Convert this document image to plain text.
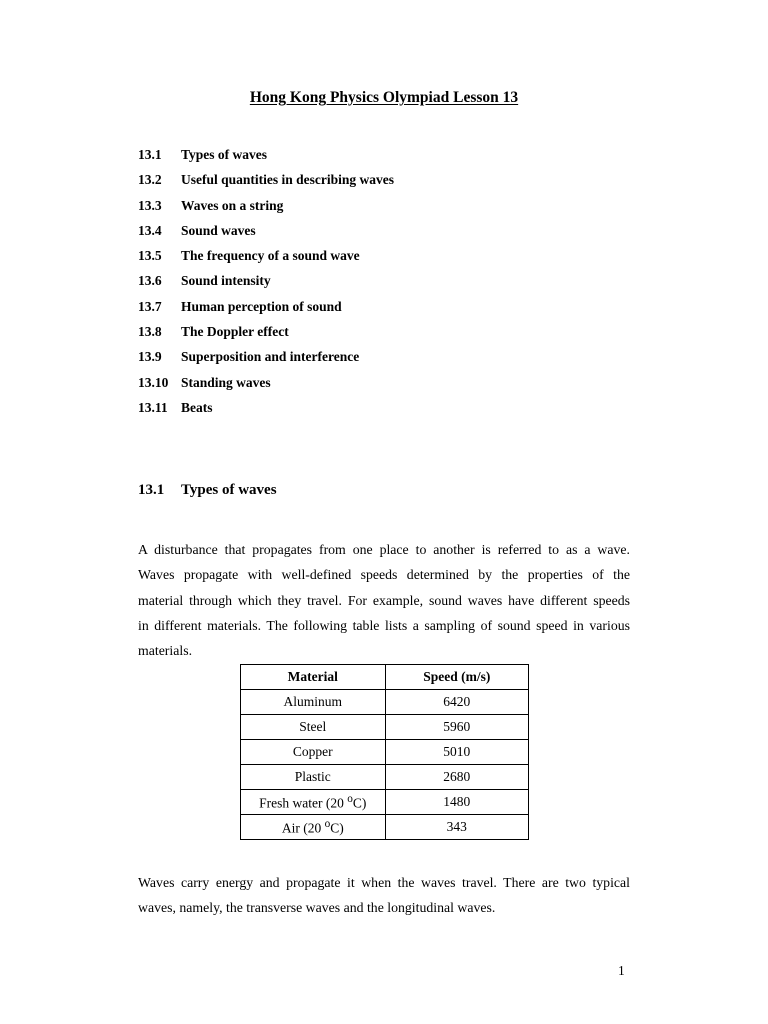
Hong Kong Physics Olympiad Lesson 13
13.1 Types of waves
13.2 Useful quantities in describing waves
13.3 Waves on a string
13.4 Sound waves
13.5 The frequency of a sound wave
13.6 Sound intensity
13.7 Human perception of sound
13.8 The Doppler effect
13.9 Superposition and interference
13.10 Standing waves
13.11 Beats
13.1 Types of waves
A disturbance that propagates from one place to another is referred to as a wave.
Waves propagate with well-defined speeds determined by the properties of the
material through which they travel. For example, sound waves have different speeds
in different materials. The following table lists a sampling of sound speed in various
materials.
Material	Speed (m/s)
Aluminum	6420
Steel	5960
Copper	5010
Plastic	2680
Fresh water (20 $^o$C)	1480
Air (20 $^o$C)	343
Waves carry energy and propagate it when the waves travel. There are two typical
waves, namely, the transverse waves and the longitudinal waves.
1
